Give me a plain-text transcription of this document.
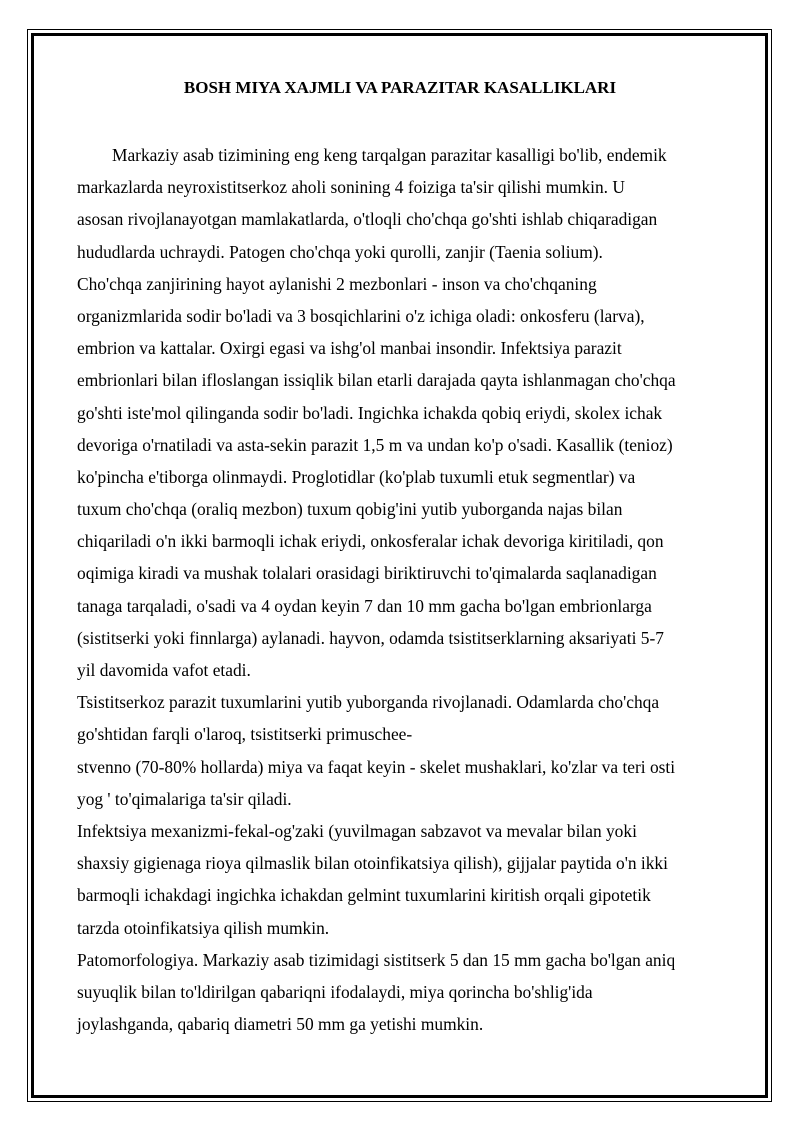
BOSH MIYA XAJMLI VA PARAZITAR KASALLIKLARI
Markaziy asab tizimining eng keng tarqalgan parazitar kasalligi bo'lib, endemik
markazlarda neyroxistitserkoz aholi sonining 4 foiziga ta'sir qilishi mumkin. U
asosan rivojlanayotgan mamlakatlarda, o'tloqli cho'chqa go'shti ishlab chiqaradigan
hududlarda uchraydi. Patogen cho'chqa yoki qurolli, zanjir (Taenia solium).
Cho'chqa zanjirining hayot aylanishi 2 mezbonlari - inson va cho'chqaning
organizmlarida sodir bo'ladi va 3 bosqichlarini o'z ichiga oladi: onkosferu (larva),
embrion va kattalar. Oxirgi egasi va ishg'ol manbai insondir. Infektsiya parazit
embrionlari bilan ifloslangan issiqlik bilan etarli darajada qayta ishlanmagan cho'chqa
go'shti iste'mol qilinganda sodir bo'ladi. Ingichka ichakda qobiq eriydi, skolex ichak
devoriga o'rnatiladi va asta-sekin parazit 1,5 m va undan ko'p o'sadi. Kasallik (tenioz)
ko'pincha e'tiborga olinmaydi. Proglotidlar (ko'plab tuxumli etuk segmentlar) va
tuxum cho'chqa (oraliq mezbon) tuxum qobig'ini yutib yuborganda najas bilan
chiqariladi o'n ikki barmoqli ichak eriydi, onkosferalar ichak devoriga kiritiladi, qon
oqimiga kiradi va mushak tolalari orasidagi biriktiruvchi to'qimalarda saqlanadigan
tanaga tarqaladi, o'sadi va 4 oydan keyin 7 dan 10 mm gacha bo'lgan embrionlarga
(sistitserki yoki finnlarga) aylanadi. hayvon, odamda tsistitserklarning aksariyati 5-7
yil davomida vafot etadi.
Tsistitserkoz parazit tuxumlarini yutib yuborganda rivojlanadi. Odamlarda cho'chqa
go'shtidan farqli o'laroq, tsistitserki primuschee-
stvenno (70-80% hollarda) miya va faqat keyin - skelet mushaklari, ko'zlar va teri osti
yog ' to'qimalariga ta'sir qiladi.
Infektsiya mexanizmi-fekal-og'zaki (yuvilmagan sabzavot va mevalar bilan yoki
shaxsiy gigienaga rioya qilmaslik bilan otoinfikatsiya qilish), gijjalar paytida o'n ikki
barmoqli ichakdagi ingichka ichakdan gelmint tuxumlarini kiritish orqali gipotetik
tarzda otoinfikatsiya qilish mumkin.
Patomorfologiya. Markaziy asab tizimidagi sistitserk 5 dan 15 mm gacha bo'lgan aniq
suyuqlik bilan to'ldirilgan qabariqni ifodalaydi, miya qorincha bo'shlig'ida
joylashganda, qabariq diametri 50 mm ga yetishi mumkin.
